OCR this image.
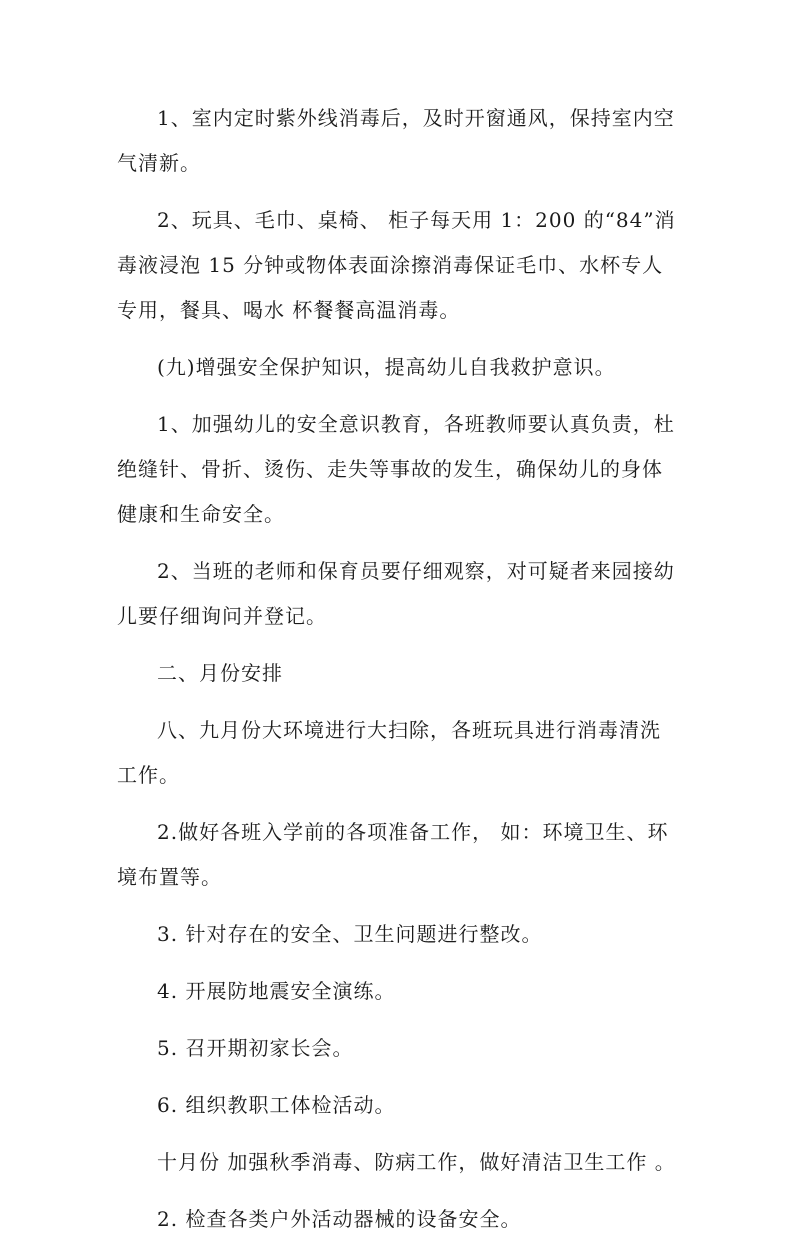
1、室内定时紫外线消毒后，及时开窗通风，保持室内空气清新。

2、玩具、毛巾、桌椅、 柜子每天用 1：200 的“84”消毒液浸泡 15 分钟或物体表面涂擦消毒保证毛巾、水杯专人专用，餐具、喝水 杯餐餐高温消毒。

(九)增强安全保护知识，提高幼儿自我救护意识。

1、加强幼儿的安全意识教育，各班教师要认真负责，杜绝缝针、骨折、烫伤、走失等事故的发生，确保幼儿的身体健康和生命安全。

2、当班的老师和保育员要仔细观察，对可疑者来园接幼儿要仔细询问并登记。

二、月份安排

八、九月份大环境进行大扫除，各班玩具进行消毒清洗工作。

2.做好各班入学前的各项准备工作， 如：环境卫生、环境布置等。

3. 针对存在的安全、卫生问题进行整改。

4. 开展防地震安全演练。

5. 召开期初家长会。

6. 组织教职工体检活动。

十月份 加强秋季消毒、防病工作，做好清洁卫生工作 。

2. 检查各类户外活动器械的设备安全。
